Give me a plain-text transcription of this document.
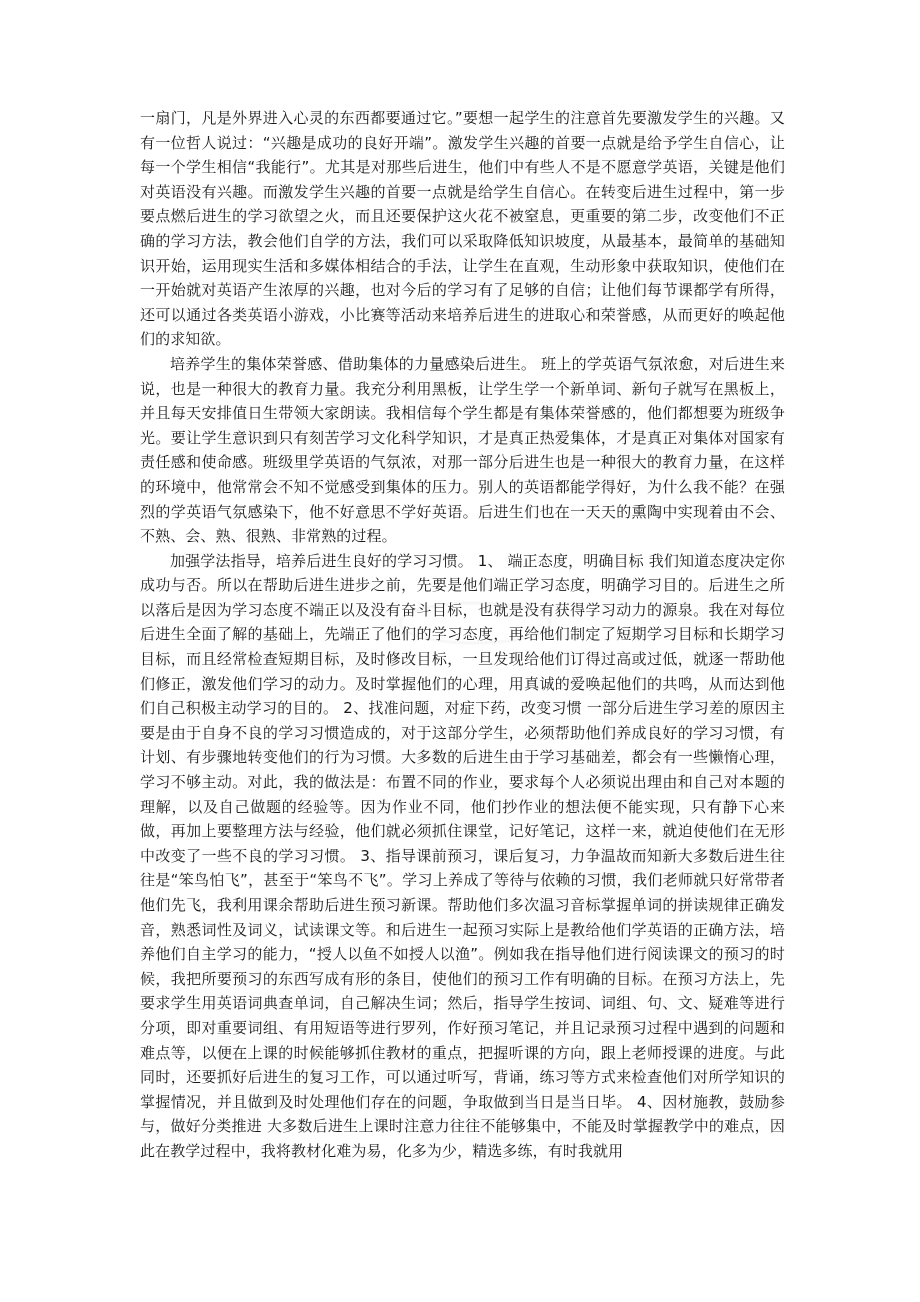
一扇门，凡是外界进入心灵的东西都要通过它。”要想一起学生的注意首先要激发学生的兴趣。又有一位哲人说过：“兴趣是成功的良好开端”。激发学生兴趣的首要一点就是给予学生自信心，让每一个学生相信“我能行”。尤其是对那些后进生，他们中有些人不是不愿意学英语，关键是他们对英语没有兴趣。而激发学生兴趣的首要一点就是给学生自信心。在转变后进生过程中，第一步要点燃后进生的学习欲望之火，而且还要保护这火花不被窒息，更重要的第二步，改变他们不正确的学习方法，教会他们自学的方法，我们可以采取降低知识坡度，从最基本，最简单的基础知识开始，运用现实生活和多媒体相结合的手法，让学生在直观，生动形象中获取知识，使他们在一开始就对英语产生浓厚的兴趣，也对今后的学习有了足够的自信；让他们每节课都学有所得，还可以通过各类英语小游戏，小比赛等活动来培养后进生的进取心和荣誉感，从而更好的唤起他们的求知欲。

培养学生的集体荣誉感、借助集体的力量感染后进生。 班上的学英语气氛浓愈，对后进生来说，也是一种很大的教育力量。我充分利用黑板，让学生学一个新单词、新句子就写在黑板上，并且每天安排值日生带领大家朗读。我相信每个学生都是有集体荣誉感的，他们都想要为班级争光。要让学生意识到只有刻苦学习文化科学知识，才是真正热爱集体，才是真正对集体对国家有责任感和使命感。班级里学英语的气氛浓，对那一部分后进生也是一种很大的教育力量，在这样的环境中，他常常会不知不觉感受到集体的压力。别人的英语都能学得好，为什么我不能？在强烈的学英语气氛感染下，他不好意思不学好英语。后进生们也在一天天的熏陶中实现着由不会、不熟、会、熟、很熟、非常熟的过程。

加强学法指导，培养后进生良好的学习习惯。 1、 端正态度，明确目标 我们知道态度决定你成功与否。所以在帮助后进生进步之前，先要是他们端正学习态度，明确学习目的。后进生之所以落后是因为学习态度不端正以及没有奋斗目标，也就是没有获得学习动力的源泉。我在对每位后进生全面了解的基础上，先端正了他们的学习态度，再给他们制定了短期学习目标和长期学习目标，而且经常检查短期目标，及时修改目标，一旦发现给他们订得过高或过低，就逐一帮助他们修正，激发他们学习的动力。及时掌握他们的心理，用真诚的爱唤起他们的共鸣，从而达到他们自己积极主动学习的目的。 2、找准问题，对症下药，改变习惯 一部分后进生学习差的原因主要是由于自身不良的学习习惯造成的，对于这部分学生，必须帮助他们养成良好的学习习惯，有计划、有步骤地转变他们的行为习惯。大多数的后进生由于学习基础差，都会有一些懒惰心理，学习不够主动。对此，我的做法是：布置不同的作业，要求每个人必须说出理由和自己对本题的理解，以及自己做题的经验等。因为作业不同，他们抄作业的想法便不能实现，只有静下心来做，再加上要整理方法与经验，他们就必须抓住课堂，记好笔记，这样一来，就迫使他们在无形中改变了一些不良的学习习惯。 3、指导课前预习，课后复习，力争温故而知新大多数后进生往往是“笨鸟怕飞”，甚至于“笨鸟不飞”。学习上养成了等待与依赖的习惯，我们老师就只好常带者他们先飞，我利用课余帮助后进生预习新课。帮助他们多次温习音标掌握单词的拼读规律正确发音，熟悉词性及词义，试读课文等。和后进生一起预习实际上是教给他们学英语的正确方法，培养他们自主学习的能力，“授人以鱼不如授人以渔”。例如我在指导他们进行阅读课文的预习的时候，我把所要预习的东西写成有形的条目，使他们的预习工作有明确的目标。在预习方法上，先要求学生用英语词典查单词，自己解决生词；然后，指导学生按词、词组、句、文、疑难等进行分项，即对重要词组、有用短语等进行罗列，作好预习笔记，并且记录预习过程中遇到的问题和难点等，以便在上课的时候能够抓住教材的重点，把握听课的方向，跟上老师授课的进度。与此同时，还要抓好后进生的复习工作，可以通过听写，背诵，练习等方式来检查他们对所学知识的掌握情况，并且做到及时处理他们存在的问题，争取做到当日是当日毕。 4、因材施教，鼓励参与，做好分类推进 大多数后进生上课时注意力往往不能够集中，不能及时掌握教学中的难点，因此在教学过程中，我将教材化难为易，化多为少，精选多练，有时我就用
